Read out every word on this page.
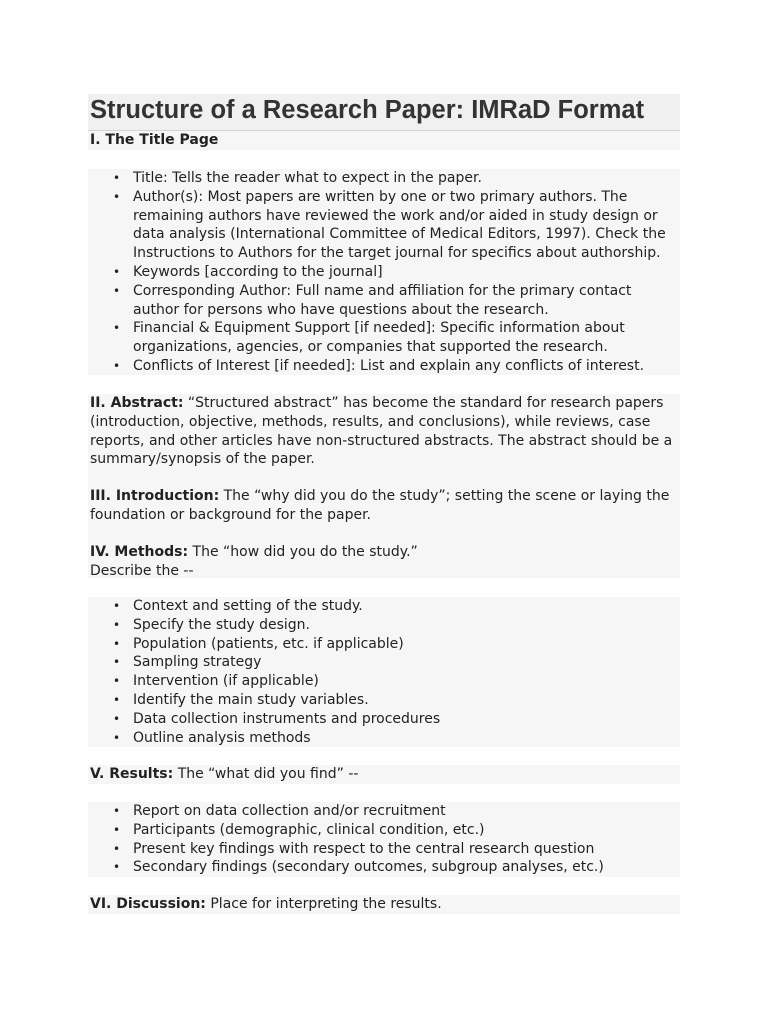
Structure of a Research Paper: IMRaD Format
I. The Title Page
• Title: Tells the reader what to expect in the paper.
• Author(s): Most papers are written by one or two primary authors. The remaining authors have reviewed the work and/or aided in study design or data analysis (International Committee of Medical Editors, 1997). Check the Instructions to Authors for the target journal for specifics about authorship.
• Keywords [according to the journal]
• Corresponding Author: Full name and affiliation for the primary contact author for persons who have questions about the research.
• Financial & Equipment Support [if needed]: Specific information about organizations, agencies, or companies that supported the research.
• Conflicts of Interest [if needed]: List and explain any conflicts of interest.

II. Abstract: “Structured abstract” has become the standard for research papers (introduction, objective, methods, results, and conclusions), while reviews, case reports, and other articles have non-structured abstracts. The abstract should be a summary/synopsis of the paper.

III. Introduction: The “why did you do the study”; setting the scene or laying the foundation or background for the paper.

IV. Methods: The “how did you do the study.”
Describe the --

• Context and setting of the study.
• Specify the study design.
• Population (patients, etc. if applicable)
• Sampling strategy
• Intervention (if applicable)
• Identify the main study variables.
• Data collection instruments and procedures
• Outline analysis methods

V. Results: The “what did you find” --

• Report on data collection and/or recruitment
• Participants (demographic, clinical condition, etc.)
• Present key findings with respect to the central research question
• Secondary findings (secondary outcomes, subgroup analyses, etc.)

VI. Discussion: Place for interpreting the results.
